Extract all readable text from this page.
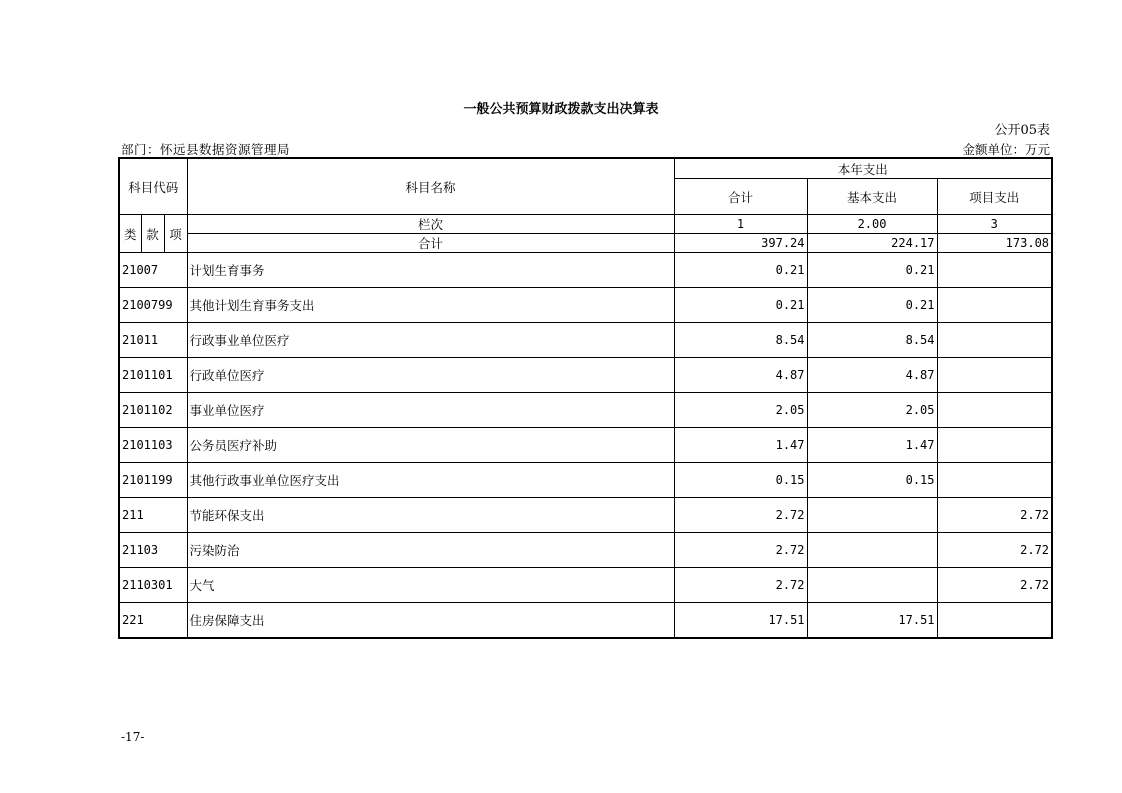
一般公共预算财政拨款支出决算表
公开05表
部门：怀远县数据资源管理局	金额单位：万元
科目代码			科目名称	本年支出		
				合计	基本支出	项目支出
类	款	项	栏次	1	2.00	3
			合计	397.24	224.17	173.08
21007			计划生育事务	0.21	0.21	
2100799			其他计划生育事务支出	0.21	0.21	
21011			行政事业单位医疗	8.54	8.54	
2101101			行政单位医疗	4.87	4.87	
2101102			事业单位医疗	2.05	2.05	
2101103			公务员医疗补助	1.47	1.47	
2101199			其他行政事业单位医疗支出	0.15	0.15	
211			节能环保支出	2.72		2.72
21103			污染防治	2.72		2.72
2110301			大气	2.72		2.72
221			住房保障支出	17.51	17.51	
-17-
